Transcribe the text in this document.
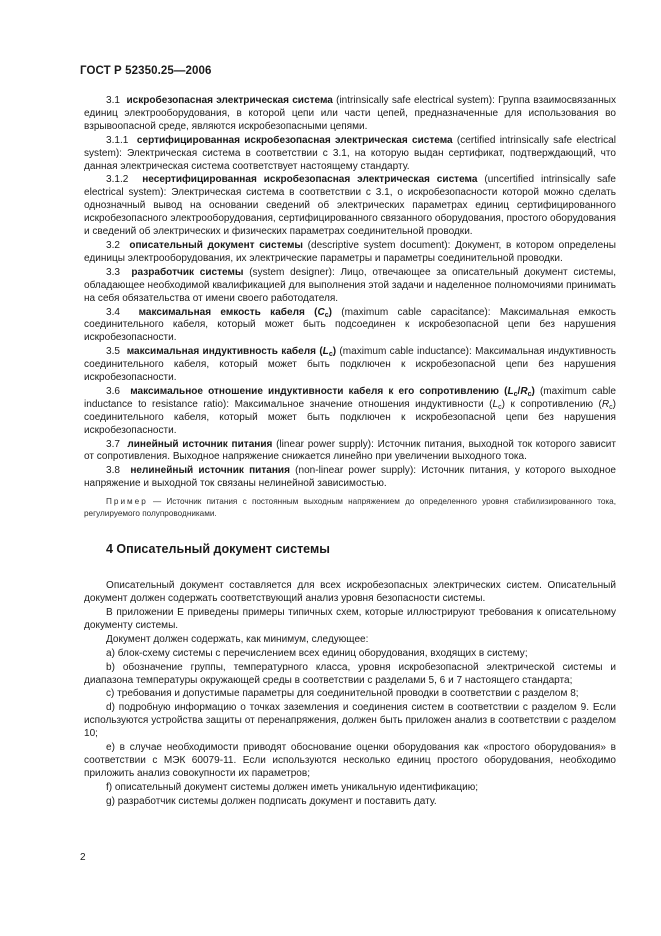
ГОСТ Р 52350.25—2006

3.1 искробезопасная электрическая система (intrinsically safe electrical system): Группа взаимосвязанных единиц электрооборудования, в которой цепи или части цепей, предназначенные для использования во взрывоопасной среде, являются искробезопасными цепями.

3.1.1 сертифицированная искробезопасная электрическая система (certified intrinsically safe electrical system): Электрическая система в соответствии с 3.1, на которую выдан сертификат, подтверждающий, что данная электрическая система соответствует настоящему стандарту.

3.1.2 несертифицированная искробезопасная электрическая система (uncertified intrinsically safe electrical system): Электрическая система в соответствии с 3.1, о искробезопасности которой можно сделать однозначный вывод на основании сведений об электрических параметрах единиц сертифицированного искробезопасного электрооборудования, сертифицированного связанного оборудования, простого оборудования и сведений об электрических и физических параметрах соединительной проводки.

3.2 описательный документ системы (descriptive system document): Документ, в котором определены единицы электрооборудования, их электрические параметры и параметры соединительной проводки.

3.3 разработчик системы (system designer): Лицо, отвечающее за описательный документ системы, обладающее необходимой квалификацией для выполнения этой задачи и наделенное полномочиями принимать на себя обязательства от имени своего работодателя.

3.4 максимальная емкость кабеля $(C_c)$ (maximum cable capacitance): Максимальная емкость соединительного кабеля, который может быть подсоединен к искробезопасной цепи без нарушения искробезопасности.

3.5 максимальная индуктивность кабеля $(L_c)$ (maximum cable inductance): Максимальная индуктивность соединительного кабеля, который может быть подключен к искробезопасной цепи без нарушения искробезопасности.

3.6 максимальное отношение индуктивности кабеля к его сопротивлению $(L_c/R_c)$ (maximum cable inductance to resistance ratio): Максимальное значение отношения индуктивности $(L_c)$ к сопротивлению $(R_c)$ соединительного кабеля, который может быть подключен к искробезопасной цепи без нарушения искробезопасности.

3.7 линейный источник питания (linear power supply): Источник питания, выходной ток которого зависит от сопротивления. Выходное напряжение снижается линейно при увеличении выходного тока.

3.8 нелинейный источник питания (non-linear power supply): Источник питания, у которого выходное напряжение и выходной ток связаны нелинейной зависимостью.

Пример — Источник питания с постоянным выходным напряжением до определенного уровня стабилизированного тока, регулируемого полупроводниками.

4 Описательный документ системы

Описательный документ составляется для всех искробезопасных электрических систем. Описательный документ должен содержать соответствующий анализ уровня безопасности системы.

В приложении Е приведены примеры типичных схем, которые иллюстрируют требования к описательному документу системы.

Документ должен содержать, как минимум, следующее:

а) блок-схему системы с перечислением всех единиц оборудования, входящих в систему;

b) обозначение группы, температурного класса, уровня искробезопасной электрической системы и диапазона температуры окружающей среды в соответствии с разделами 5, 6 и 7 настоящего стандарта;

c) требования и допустимые параметры для соединительной проводки в соответствии с разделом 8;

d) подробную информацию о точках заземления и соединения систем в соответствии с разделом 9. Если используются устройства защиты от перенапряжения, должен быть приложен анализ в соответствии с разделом 10;

e) в случае необходимости приводят обоснование оценки оборудования как «простого оборудования» в соответствии с МЭК 60079-11. Если используются несколько единиц простого оборудования, необходимо приложить анализ совокупности их параметров;

f) описательный документ системы должен иметь уникальную идентификацию;

g) разработчик системы должен подписать документ и поставить дату.

2
